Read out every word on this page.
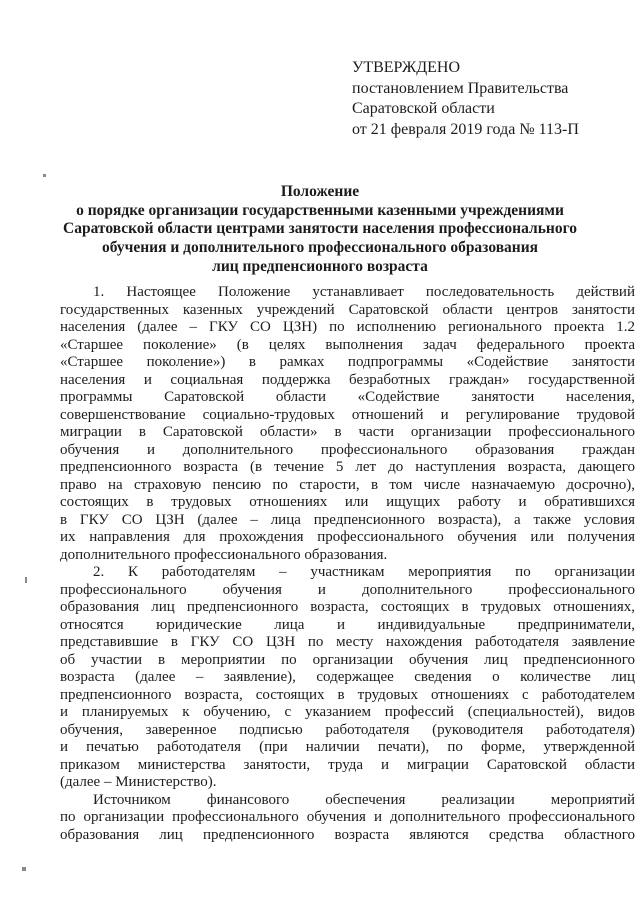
УТВЕРЖДЕНО
постановлением Правительства
Саратовской области
от 21 февраля 2019 года № 113-П
Положение
о порядке организации государственными казенными учреждениями
Саратовской области центрами занятости населения профессионального
обучения и дополнительного профессионального образования
лиц предпенсионного возраста
1. Настоящее Положение устанавливает последовательность действий
государственных казенных учреждений Саратовской области центров занятости
населения (далее – ГКУ СО ЦЗН) по исполнению регионального проекта 1.2
«Старшее поколение» (в целях выполнения задач федерального проекта
«Старшее поколение») в рамках подпрограммы «Содействие занятости
населения и социальная поддержка безработных граждан» государственной
программы Саратовской области «Содействие занятости населения,
совершенствование социально-трудовых отношений и регулирование трудовой
миграции в Саратовской области» в части организации профессионального
обучения и дополнительного профессионального образования граждан
предпенсионного возраста (в течение 5 лет до наступления возраста, дающего
право на страховую пенсию по старости, в том числе назначаемую досрочно),
состоящих в трудовых отношениях или ищущих работу и обратившихся
в ГКУ СО ЦЗН (далее – лица предпенсионного возраста), а также условия
их направления для прохождения профессионального обучения или получения
дополнительного профессионального образования.
2. К работодателям – участникам мероприятия по организации
профессионального обучения и дополнительного профессионального
образования лиц предпенсионного возраста, состоящих в трудовых отношениях,
относятся юридические лица и индивидуальные предприниматели,
представившие в ГКУ СО ЦЗН по месту нахождения работодателя заявление
об участии в мероприятии по организации обучения лиц предпенсионного
возраста (далее – заявление), содержащее сведения о количестве лиц
предпенсионного возраста, состоящих в трудовых отношениях с работодателем
и планируемых к обучению, с указанием профессий (специальностей), видов
обучения, заверенное подписью работодателя (руководителя работодателя)
и печатью работодателя (при наличии печати), по форме, утвержденной
приказом министерства занятости, труда и миграции Саратовской области
(далее – Министерство).
Источником финансового обеспечения реализации мероприятий
по организации профессионального обучения и дополнительного профессионального
образования лиц предпенсионного возраста являются средства областного
